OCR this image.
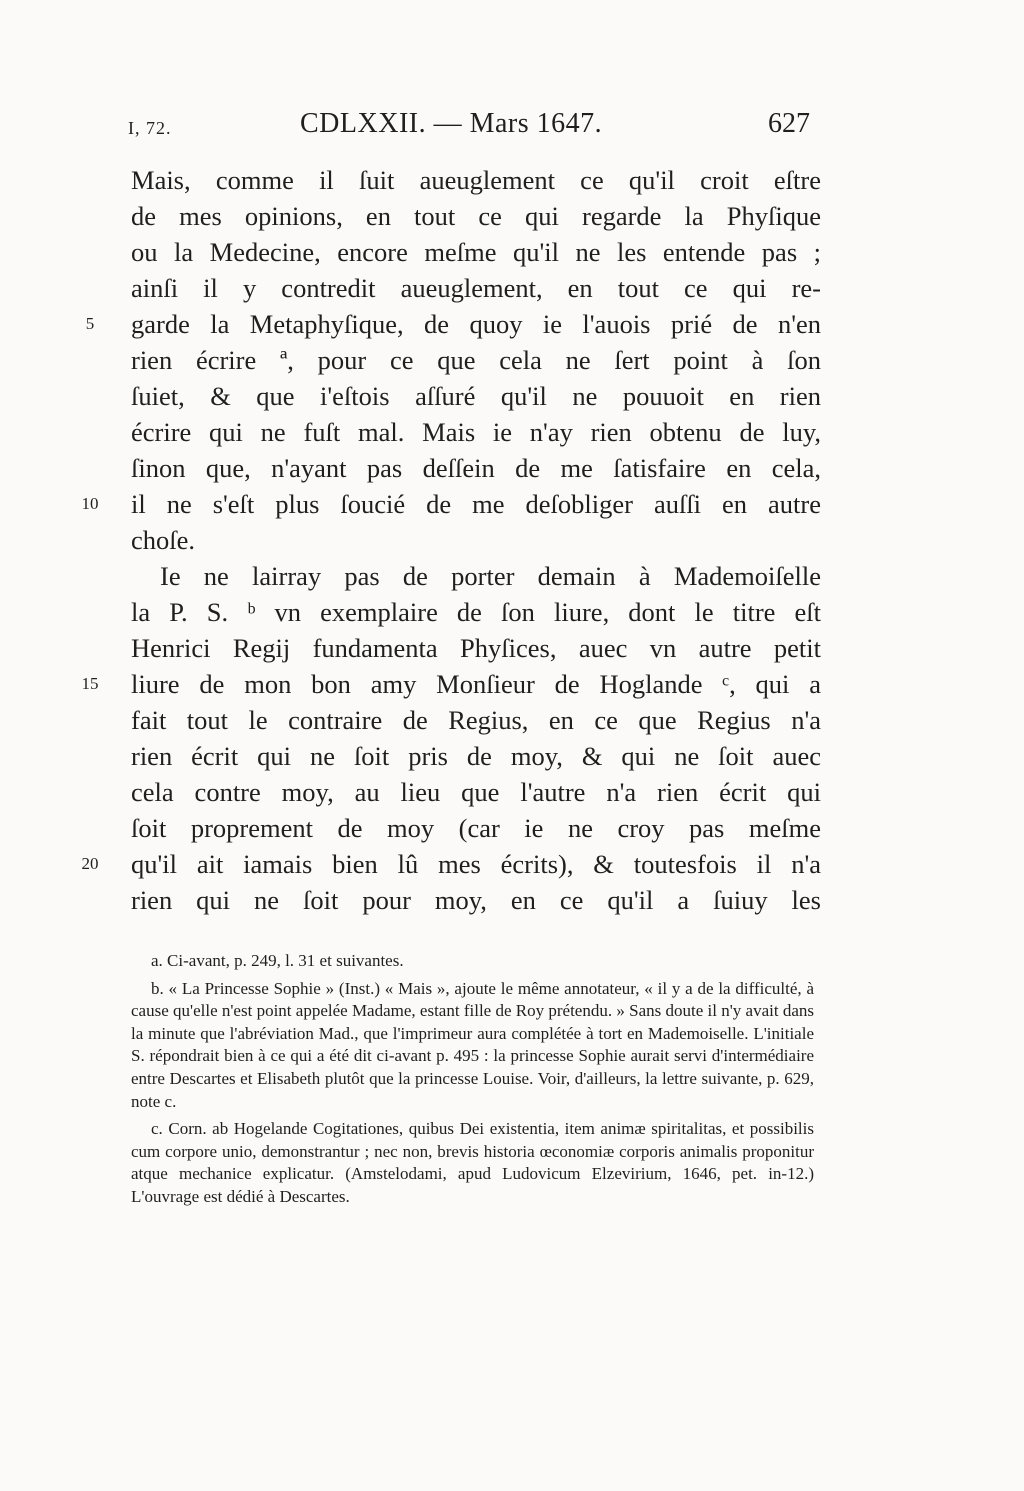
I, 72.	CDLXXII. — Mars 1647.	627
Mais, comme il ſuit aueuglement ce qu'il croit eſtre
de mes opinions, en tout ce qui regarde la Phyſique
ou la Medecine, encore meſme qu'il ne les entende pas ;
ainſi il y contredit aueuglement, en tout ce qui re-
5	garde la Metaphyſique, de quoy ie l'auois prié de n'en
rien écrire ª, pour ce que cela ne ſert point à ſon
ſuiet, & que i'eſtois aſſuré qu'il ne pouuoit en rien
écrire qui ne fuſt mal. Mais ie n'ay rien obtenu de luy,
ſinon que, n'ayant pas deſſein de me ſatisfaire en cela,
10	il ne s'eſt plus ſoucié de me deſobliger auſſi en autre
choſe.
Ie ne lairray pas de porter demain à Mademoiſelle
la P. S. ᵇ vn exemplaire de ſon liure, dont le titre eſt
Henrici Regij fundamenta Phyſices, auec vn autre petit
15	liure de mon bon amy Monſieur de Hoglande ᶜ, qui a
fait tout le contraire de Regius, en ce que Regius n'a
rien écrit qui ne ſoit pris de moy, & qui ne ſoit auec
cela contre moy, au lieu que l'autre n'a rien écrit qui
ſoit proprement de moy (car ie ne croy pas meſme
20	qu'il ait iamais bien lû mes écrits), & toutesfois il n'a
rien qui ne ſoit pour moy, en ce qu'il a ſuiuy les

a. Ci-avant, p. 249, l. 31 et suivantes.

b. « La Princesse Sophie » (Inst.) « Mais », ajoute le même annotateur, « il y a de la difficulté, à cause qu'elle n'est point appelée Madame, estant fille de Roy prétendu. » Sans doute il n'y avait dans la minute que l'abréviation Mad., que l'imprimeur aura complétée à tort en Mademoiselle. L'initiale S. répondrait bien à ce qui a été dit ci-avant p. 495 : la princesse Sophie aurait servi d'intermédiaire entre Descartes et Elisabeth plutôt que la princesse Louise. Voir, d'ailleurs, la lettre suivante, p. 629, note c.

c. Corn. ab Hogelande Cogitationes, quibus Dei existentia, item animæ spiritalitas, et possibilis cum corpore unio, demonstrantur ; nec non, brevis historia œconomiæ corporis animalis proponitur atque mechanice explicatur. (Amstelodami, apud Ludovicum Elzevirium, 1646, pet. in-12.) L'ouvrage est dédié à Descartes.
